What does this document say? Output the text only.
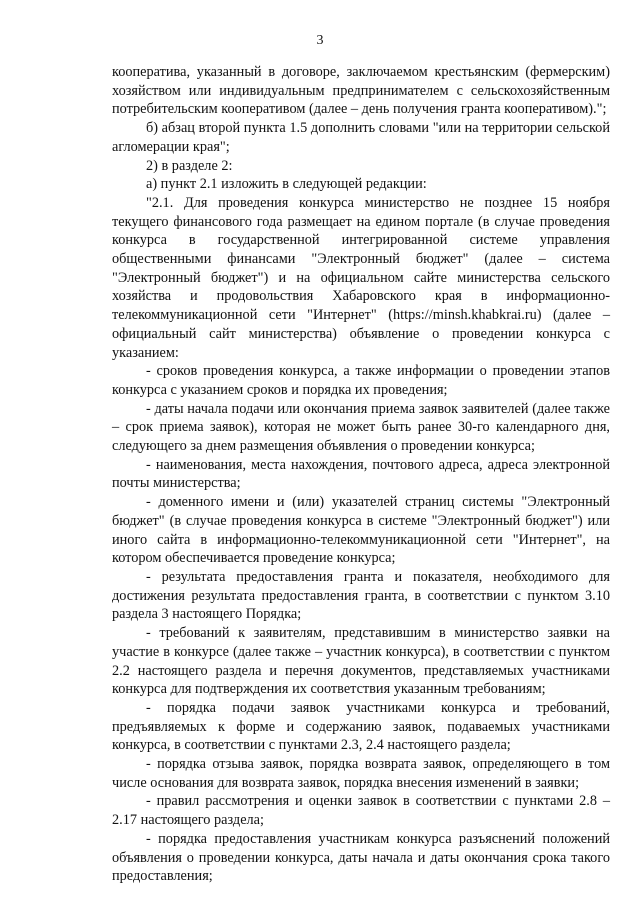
3

кооператива, указанный в договоре, заключаемом крестьянским (фермерским) хозяйством или индивидуальным предпринимателем с сельскохозяйственным потребительским кооперативом (далее – день получения гранта кооперативом).";

б) абзац второй пункта 1.5 дополнить словами "или на территории сельской агломерации края";

2) в разделе 2:

а) пункт 2.1 изложить в следующей редакции:

"2.1. Для проведения конкурса министерство не позднее 15 ноября текущего финансового года размещает на едином портале (в случае проведения конкурса в государственной интегрированной системе управления общественными финансами "Электронный бюджет" (далее – система "Электронный бюджет") и на официальном сайте министерства сельского хозяйства и продовольствия Хабаровского края в информационно-телекоммуникационной сети "Интернет" (https://minsh.khabkrai.ru) (далее – официальный сайт министерства) объявление о проведении конкурса с указанием:

- сроков проведения конкурса, а также информации о проведении этапов конкурса с указанием сроков и порядка их проведения;

- даты начала подачи или окончания приема заявок заявителей (далее также – срок приема заявок), которая не может быть ранее 30-го календарного дня, следующего за днем размещения объявления о проведении конкурса;

- наименования, места нахождения, почтового адреса, адреса электронной почты министерства;

- доменного имени и (или) указателей страниц системы "Электронный бюджет" (в случае проведения конкурса в системе "Электронный бюджет") или иного сайта в информационно-телекоммуникационной сети "Интернет", на котором обеспечивается проведение конкурса;

- результата предоставления гранта и показателя, необходимого для достижения результата предоставления гранта, в соответствии с пунктом 3.10 раздела 3 настоящего Порядка;

- требований к заявителям, представившим в министерство заявки на участие в конкурсе (далее также – участник конкурса), в соответствии с пунктом 2.2 настоящего раздела и перечня документов, представляемых участниками конкурса для подтверждения их соответствия указанным требованиям;

- порядка подачи заявок участниками конкурса и требований, предъявляемых к форме и содержанию заявок, подаваемых участниками конкурса, в соответствии с пунктами 2.3, 2.4 настоящего раздела;

- порядка отзыва заявок, порядка возврата заявок, определяющего в том числе основания для возврата заявок, порядка внесения изменений в заявки;

- правил рассмотрения и оценки заявок в соответствии с пунктами 2.8 – 2.17 настоящего раздела;

- порядка предоставления участникам конкурса разъяснений положений объявления о проведении конкурса, даты начала и даты окончания срока такого предоставления;
